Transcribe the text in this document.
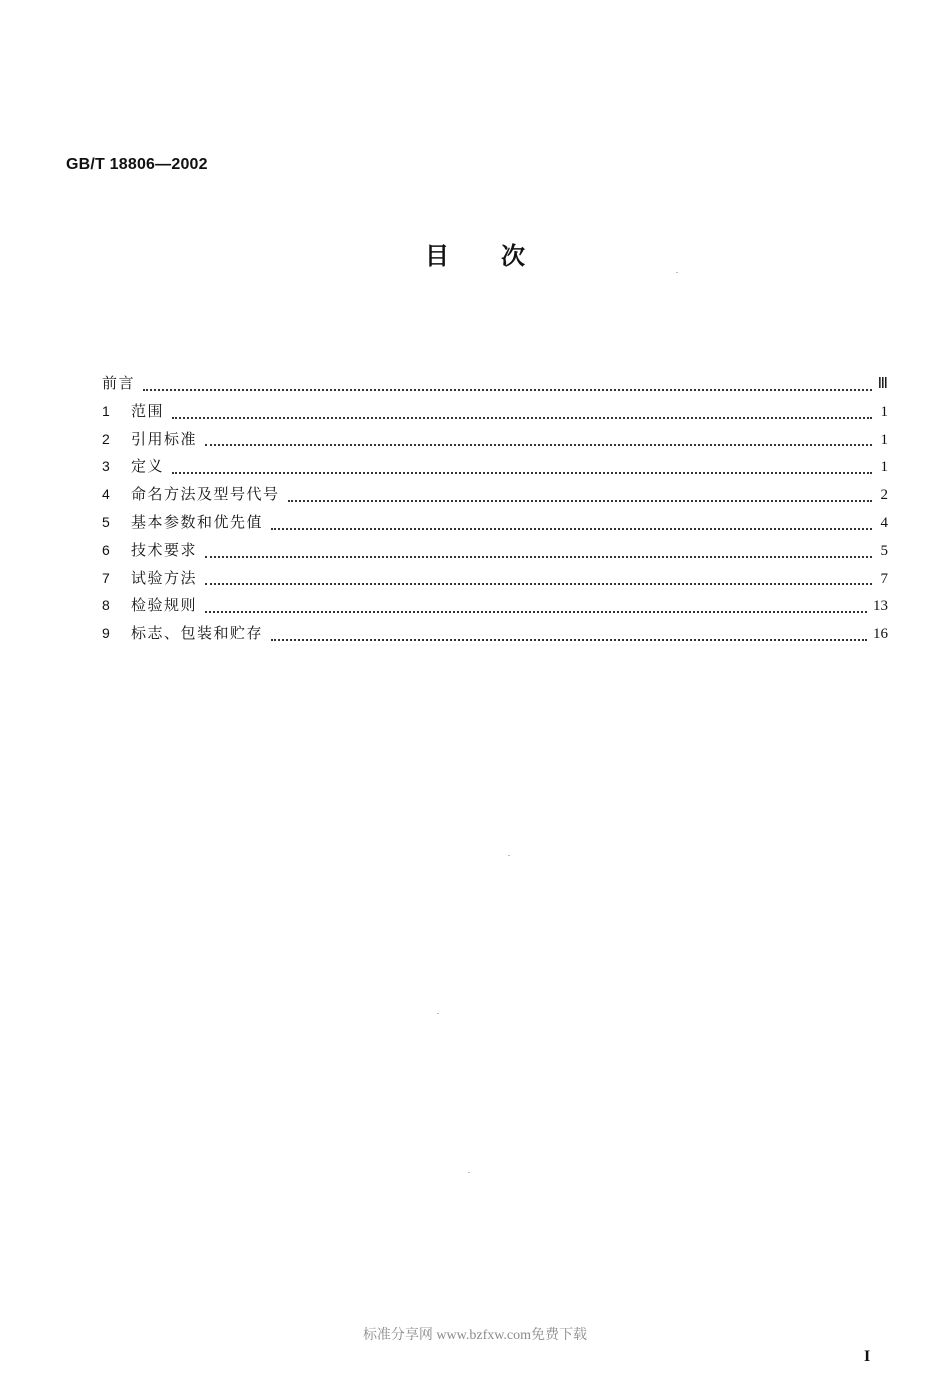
GB/T 18806—2002
目次
前言	Ⅲ
1	范围	1
2	引用标准	1
3	定义	1
4	命名方法及型号代号	2
5	基本参数和优先值	4
6	技术要求	5
7	试验方法	7
8	检验规则	13
9	标志、包装和贮存	16
标准分享网 www.bzfxw.com免费下载
I
